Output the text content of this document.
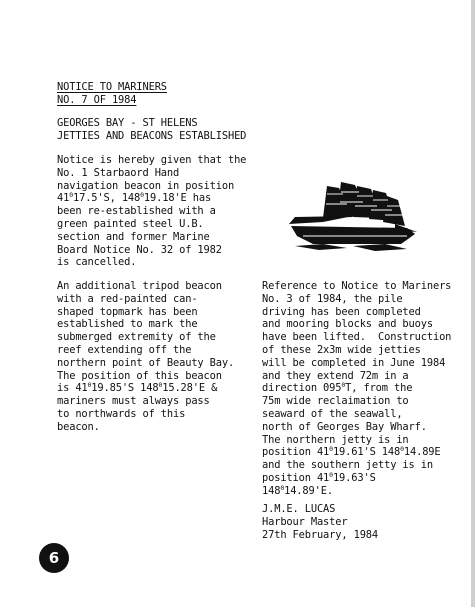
NOTICE TO MARINERS
NO. 7 OF 1984
GEORGES BAY - ST HELENS
JETTIES AND BEACONS ESTABLISHED
Notice is hereby given that the
No. 1 Starbaord Hand
navigation beacon in position
$41^017.5'S$, $148^019.18'E$ has
been re-established with a
green painted steel U.B.
section and former Marine
Board Notice No. 32 of 1982
is cancelled.
An additional tripod beacon
with a red-painted can-
shaped topmark has been
established to mark the
submerged extremity of the
reef extending off the
northern point of Beauty Bay.
The position of this beacon
is $41^019.85'S$ $148^015.28'E$ &
mariners must always pass
to northwards of this
beacon.
Reference to Notice to Mariners
No. 3 of 1984, the pile
driving has been completed
and mooring blocks and buoys
have been lifted.  Construction
of these 2x3m wide jetties
will be completed in June 1984
and they extend 72m in a
direction $095^0T$, from the
75m wide reclaimation to
seaward of the seawall,
north of Georges Bay Wharf.
The northern jetty is in
position $41^019.61'S$ $148^014.89E$
and the southern jetty is in
position $41^019.63'S$
$148^014.89'E$.
J.M.E. LUCAS
Harbour Master
27th February, 1984
6
